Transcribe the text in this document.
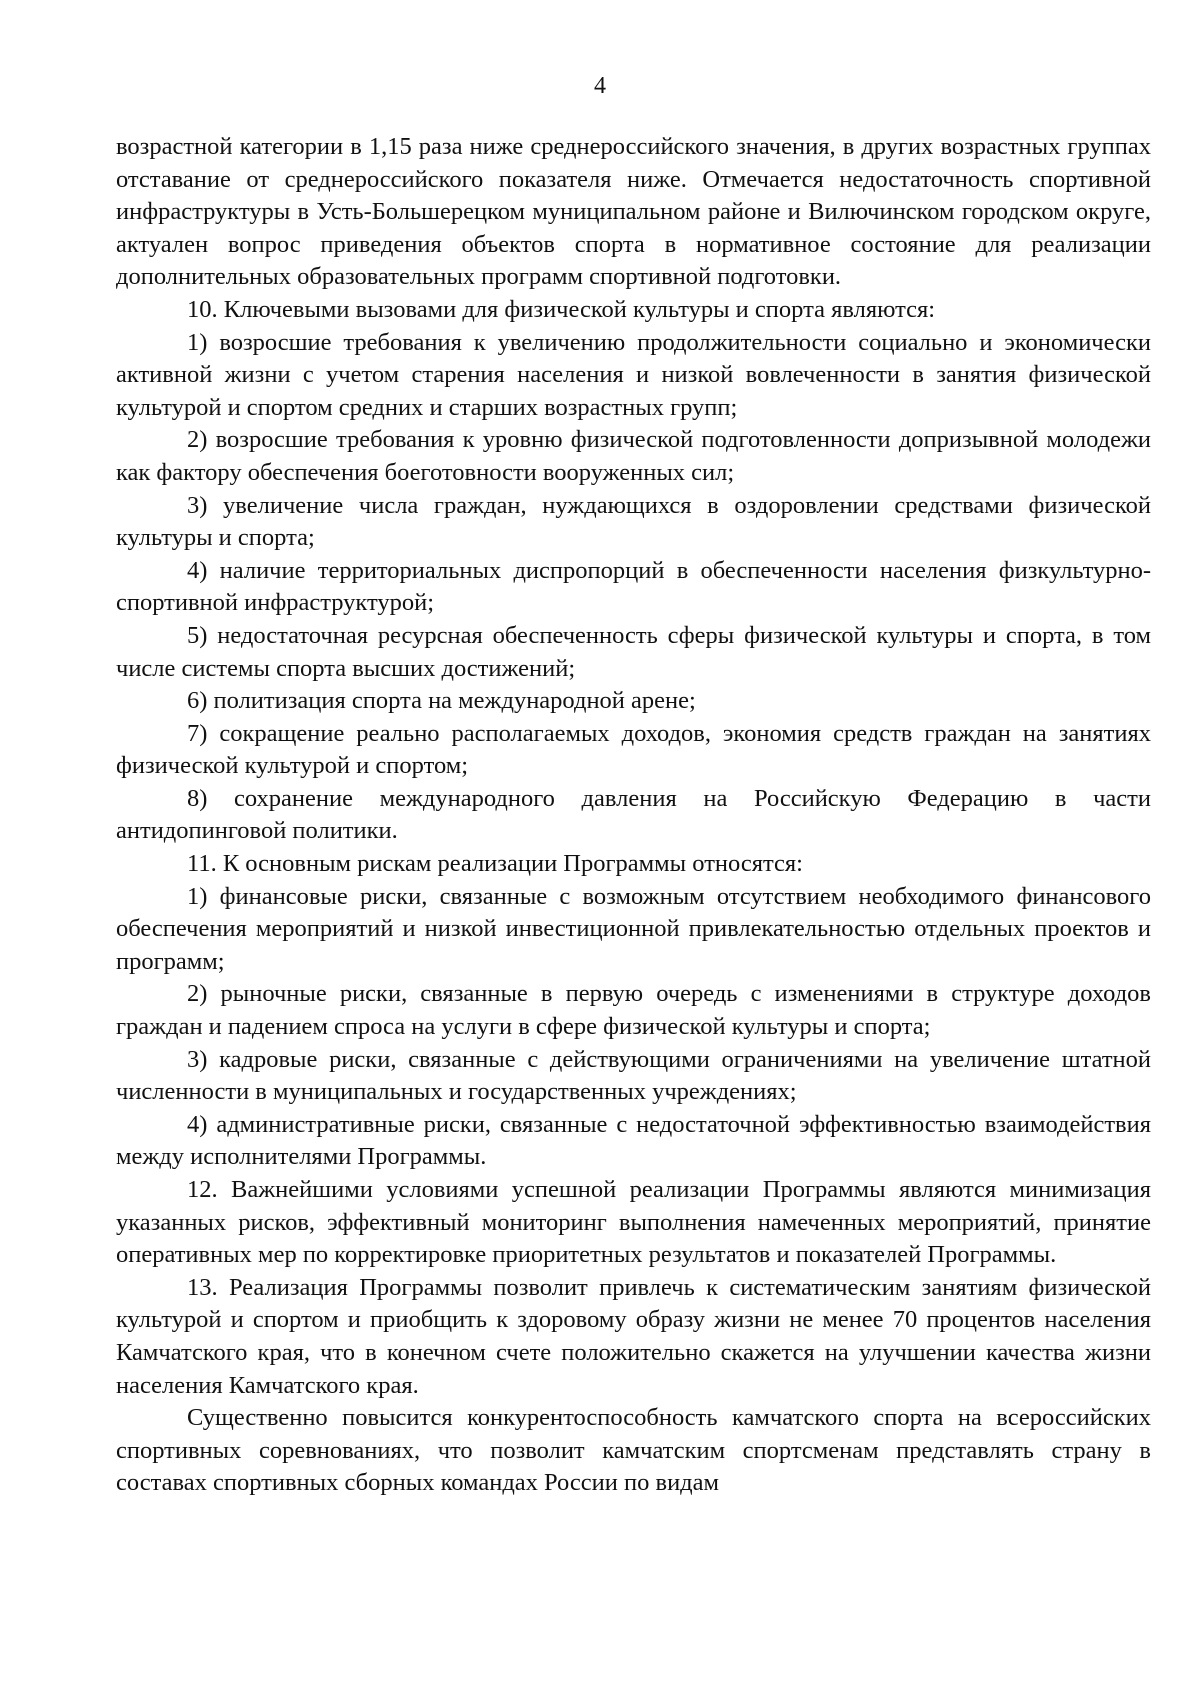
4

возрастной категории в 1,15 раза ниже среднероссийского значения, в других возрастных группах отставание от среднероссийского показателя ниже. Отмечается недостаточность спортивной инфраструктуры в Усть-Большерецком муниципальном районе и Вилючинском городском округе, актуален вопрос приведения объектов спорта в нормативное состояние для реализации дополнительных образовательных программ спортивной подготовки.

10. Ключевыми вызовами для физической культуры и спорта являются:

1) возросшие требования к увеличению продолжительности социально и экономически активной жизни с учетом старения населения и низкой вовлеченности в занятия физической культурой и спортом средних и старших возрастных групп;

2) возросшие требования к уровню физической подготовленности допризывной молодежи как фактору обеспечения боеготовности вооруженных сил;

3) увеличение числа граждан, нуждающихся в оздоровлении средствами физической культуры и спорта;

4) наличие территориальных диспропорций в обеспеченности населения физкультурно-спортивной инфраструктурой;

5) недостаточная ресурсная обеспеченность сферы физической культуры и спорта, в том числе системы спорта высших достижений;

6) политизация спорта на международной арене;

7) сокращение реально располагаемых доходов, экономия средств граждан на занятиях физической культурой и спортом;

8) сохранение международного давления на Российскую Федерацию в части антидопинговой политики.

11. К основным рискам реализации Программы относятся:

1) финансовые риски, связанные с возможным отсутствием необходимого финансового обеспечения мероприятий и низкой инвестиционной привлекательностью отдельных проектов и программ;

2) рыночные риски, связанные в первую очередь с изменениями в структуре доходов граждан и падением спроса на услуги в сфере физической культуры и спорта;

3) кадровые риски, связанные с действующими ограничениями на увеличение штатной численности в муниципальных и государственных учреждениях;

4) административные риски, связанные с недостаточной эффективностью взаимодействия между исполнителями Программы.

12. Важнейшими условиями успешной реализации Программы являются минимизация указанных рисков, эффективный мониторинг выполнения намеченных мероприятий, принятие оперативных мер по корректировке приоритетных результатов и показателей Программы.

13. Реализация Программы позволит привлечь к систематическим занятиям физической культурой и спортом и приобщить к здоровому образу жизни не менее 70 процентов населения Камчатского края, что в конечном счете положительно скажется на улучшении качества жизни населения Камчатского края.

Существенно повысится конкурентоспособность камчатского спорта на всероссийских спортивных соревнованиях, что позволит камчатским спортсменам представлять страну в составах спортивных сборных командах России по видам
